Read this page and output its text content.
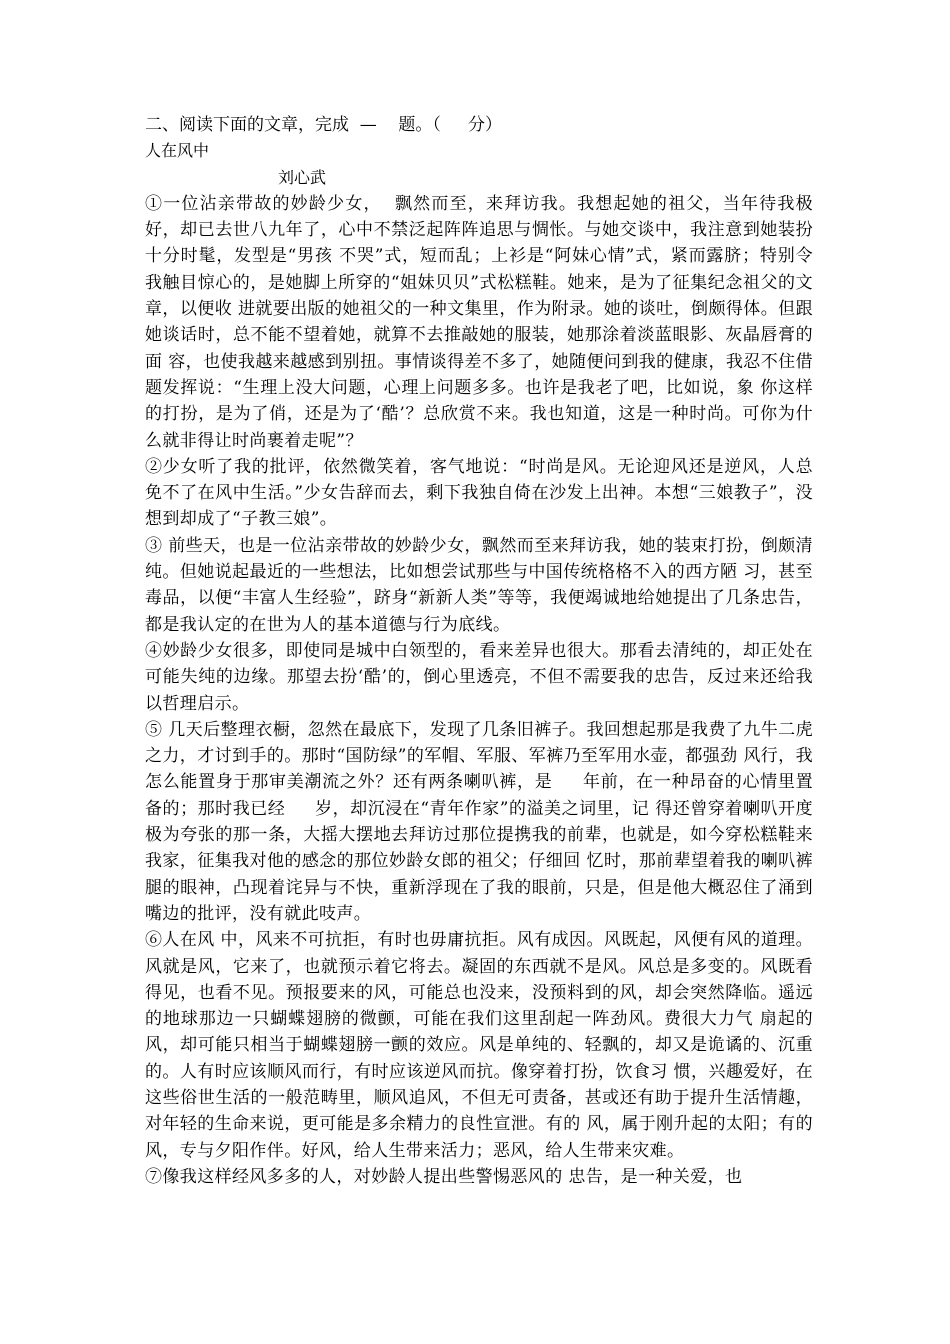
二、阅读下面的文章，完成  —    题。（     分）

人在风中

刘心武

①一位沾亲带故的妙龄少女，  飘然而至，来拜访我。我想起她的祖父，当年待我极好，却已去世八九年了，心中不禁泛起阵阵追思与惆怅。与她交谈中，我注意到她装扮十分时髦，发型是“男孩 不哭”式，短而乱；上衫是“阿妹心情”式，紧而露脐；特别令我触目惊心的，是她脚上所穿的“姐妹贝贝”式松糕鞋。她来，是为了征集纪念祖父的文章，以便收 进就要出版的她祖父的一种文集里，作为附录。她的谈吐，倒颇得体。但跟她谈话时，总不能不望着她，就算不去推敲她的服装，她那涂着淡蓝眼影、灰晶唇膏的面 容，也使我越来越感到别扭。事情谈得差不多了，她随便问到我的健康，我忍不住借题发挥说：“生理上没大问题，心理上问题多多。也许是我老了吧，比如说，象 你这样的打扮，是为了俏，还是为了‘酷’？总欣赏不来。我也知道，这是一种时尚。可你为什么就非得让时尚裹着走呢”？

②少女听了我的批评，依然微笑着，客气地说：“时尚是风。无论迎风还是逆风，人总免不了在风中生活。”少女告辞而去，剩下我独自倚在沙发上出神。本想“三娘教子”，没想到却成了“子教三娘”。

③ 前些天，也是一位沾亲带故的妙龄少女，飘然而至来拜访我，她的装束打扮，倒颇清纯。但她说起最近的一些想法，比如想尝试那些与中国传统格格不入的西方陋 习，甚至毒品，以便“丰富人生经验”，跻身“新新人类”等等，我便竭诚地给她提出了几条忠告，都是我认定的在世为人的基本道德与行为底线。

④妙龄少女很多，即使同是城中白领型的，看来差异也很大。那看去清纯的，却正处在可能失纯的边缘。那望去扮‘酷’的，倒心里透亮，不但不需要我的忠告，反过来还给我以哲理启示。

⑤ 几天后整理衣橱，忽然在最底下，发现了几条旧裤子。我回想起那是我费了九牛二虎之力，才讨到手的。那时“国防绿”的军帽、军服、军裤乃至军用水壶，都强劲 风行，我怎么能置身于那审美潮流之外？还有两条喇叭裤，是     年前，在一种昂奋的心情里置备的；那时我已经     岁，却沉浸在“青年作家”的溢美之词里，记 得还曾穿着喇叭开度极为夸张的那一条，大摇大摆地去拜访过那位提携我的前辈，也就是，如今穿松糕鞋来我家，征集我对他的感念的那位妙龄女郎的祖父；仔细回 忆时，那前辈望着我的喇叭裤腿的眼神，凸现着诧异与不快，重新浮现在了我的眼前，只是，但是他大概忍住了涌到嘴边的批评，没有就此吱声。

⑥人在风 中，风来不可抗拒，有时也毋庸抗拒。风有成因。风既起，风便有风的道理。风就是风，它来了，也就预示着它将去。凝固的东西就不是风。风总是多变的。风既看 得见，也看不见。预报要来的风，可能总也没来，没预料到的风，却会突然降临。遥远的地球那边一只蝴蝶翅膀的微颤，可能在我们这里刮起一阵劲风。费很大力气 扇起的风，却可能只相当于蝴蝶翅膀一颤的效应。风是单纯的、轻飘的，却又是诡谲的、沉重的。人有时应该顺风而行，有时应该逆风而抗。像穿着打扮，饮食习 惯，兴趣爱好，在这些俗世生活的一般范畴里，顺风追风，不但无可责备，甚或还有助于提升生活情趣，对年轻的生命来说，更可能是多余精力的良性宣泄。有的 风，属于刚升起的太阳；有的风，专与夕阳作伴。好风，给人生带来活力；恶风，给人生带来灾难。

⑦像我这样经风多多的人，对妙龄人提出些警惕恶风的 忠告，是一种关爱，也
